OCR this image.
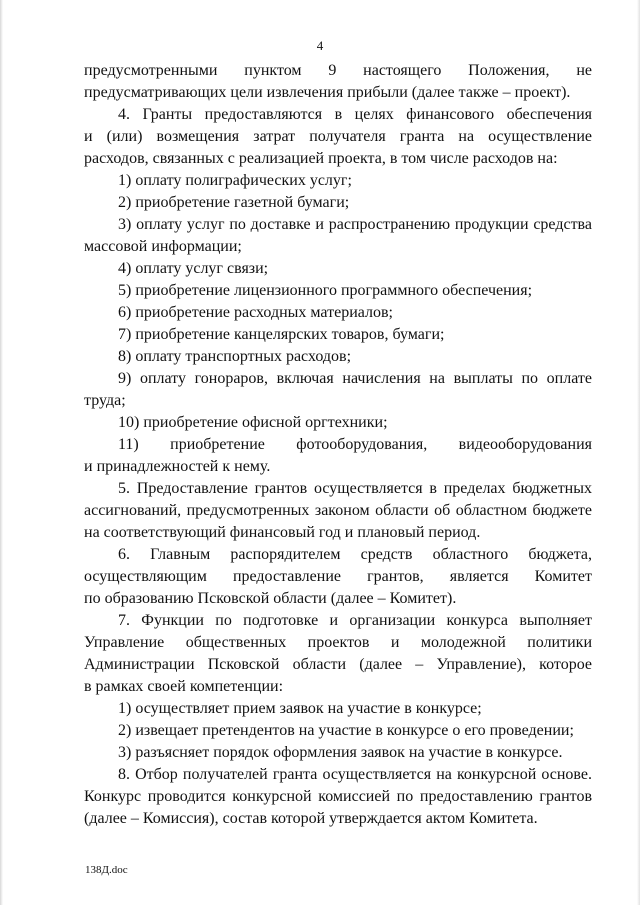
4
предусмотренными пунктом 9 настоящего Положения, не
предусматривающих цели извлечения прибыли (далее также – проект).
4. Гранты предоставляются в целях финансового обеспечения
и (или) возмещения затрат получателя гранта на осуществление
расходов, связанных с реализацией проекта, в том числе расходов на:
1) оплату полиграфических услуг;
2) приобретение газетной бумаги;
3) оплату услуг по доставке и распространению продукции средства
массовой информации;
4) оплату услуг связи;
5) приобретение лицензионного программного обеспечения;
6) приобретение расходных материалов;
7) приобретение канцелярских товаров, бумаги;
8) оплату транспортных расходов;
9) оплату гонораров, включая начисления на выплаты по оплате
труда;
10) приобретение офисной оргтехники;
11) приобретение фотооборудования, видеооборудования
и принадлежностей к нему.
5. Предоставление грантов осуществляется в пределах бюджетных
ассигнований, предусмотренных законом области об областном бюджете
на соответствующий финансовый год и плановый период.
6. Главным распорядителем средств областного бюджета,
осуществляющим предоставление грантов, является Комитет
по образованию Псковской области (далее – Комитет).
7. Функции по подготовке и организации конкурса выполняет
Управление общественных проектов и молодежной политики
Администрации Псковской области (далее – Управление), которое
в рамках своей компетенции:
1) осуществляет прием заявок на участие в конкурсе;
2) извещает претендентов на участие в конкурсе о его проведении;
3) разъясняет порядок оформления заявок на участие в конкурсе.
8. Отбор получателей гранта осуществляется на конкурсной основе.
Конкурс проводится конкурсной комиссией по предоставлению грантов
(далее – Комиссия), состав которой утверждается актом Комитета.
138Д.doc
